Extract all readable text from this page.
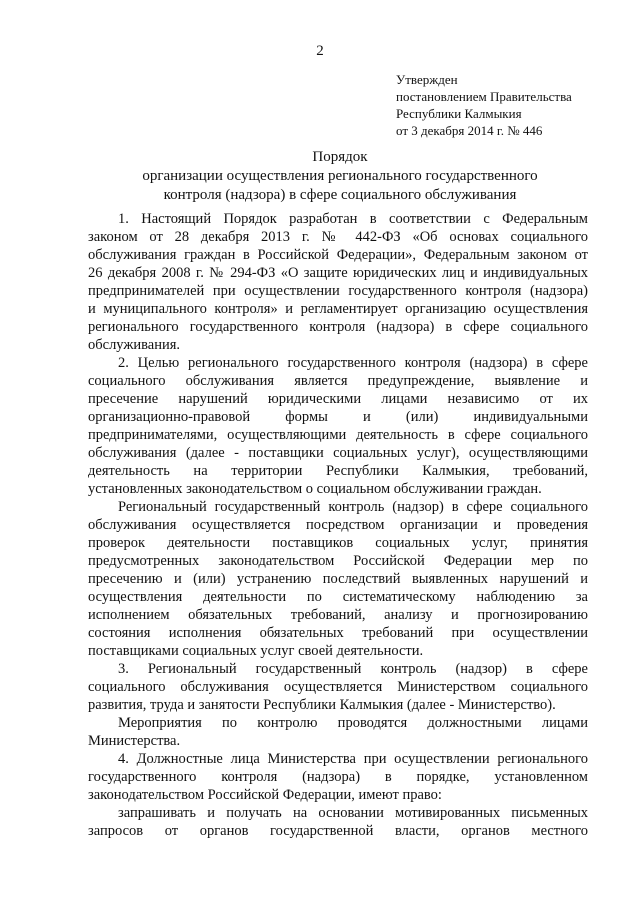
2
Утвержден
постановлением Правительства
Республики Калмыкия
от 3 декабря 2014 г. № 446
Порядок
организации осуществления регионального государственного
контроля (надзора) в сфере социального обслуживания
1. Настоящий Порядок разработан в соответствии с Федеральным
законом от 28 декабря 2013 г. № 442-ФЗ «Об основах социального
обслуживания граждан в Российской Федерации», Федеральным законом от
26 декабря 2008 г. № 294-ФЗ «О защите юридических лиц и индивидуальных
предпринимателей при осуществлении государственного контроля (надзора)
и муниципального контроля» и регламентирует организацию осуществления
регионального государственного контроля (надзора) в сфере социального
обслуживания.
2. Целью регионального государственного контроля (надзора) в сфере
социального обслуживания является предупреждение, выявление и
пресечение нарушений юридическими лицами независимо от их
организационно-правовой формы и (или) индивидуальными
предпринимателями, осуществляющими деятельность в сфере социального
обслуживания (далее - поставщики социальных услуг), осуществляющими
деятельность на территории Республики Калмыкия, требований,
установленных законодательством о социальном обслуживании граждан.
Региональный государственный контроль (надзор) в сфере социального
обслуживания осуществляется посредством организации и проведения
проверок деятельности поставщиков социальных услуг, принятия
предусмотренных законодательством Российской Федерации мер по
пресечению и (или) устранению последствий выявленных нарушений и
осуществления деятельности по систематическому наблюдению за
исполнением обязательных требований, анализу и прогнозированию
состояния исполнения обязательных требований при осуществлении
поставщиками социальных услуг своей деятельности.
3. Региональный государственный контроль (надзор) в сфере
социального обслуживания осуществляется Министерством социального
развития, труда и занятости Республики Калмыкия (далее - Министерство).
Мероприятия по контролю проводятся должностными лицами
Министерства.
4. Должностные лица Министерства при осуществлении регионального
государственного контроля (надзора) в порядке, установленном
законодательством Российской Федерации, имеют право:
запрашивать и получать на основании мотивированных письменных
запросов от органов государственной власти, органов местного
